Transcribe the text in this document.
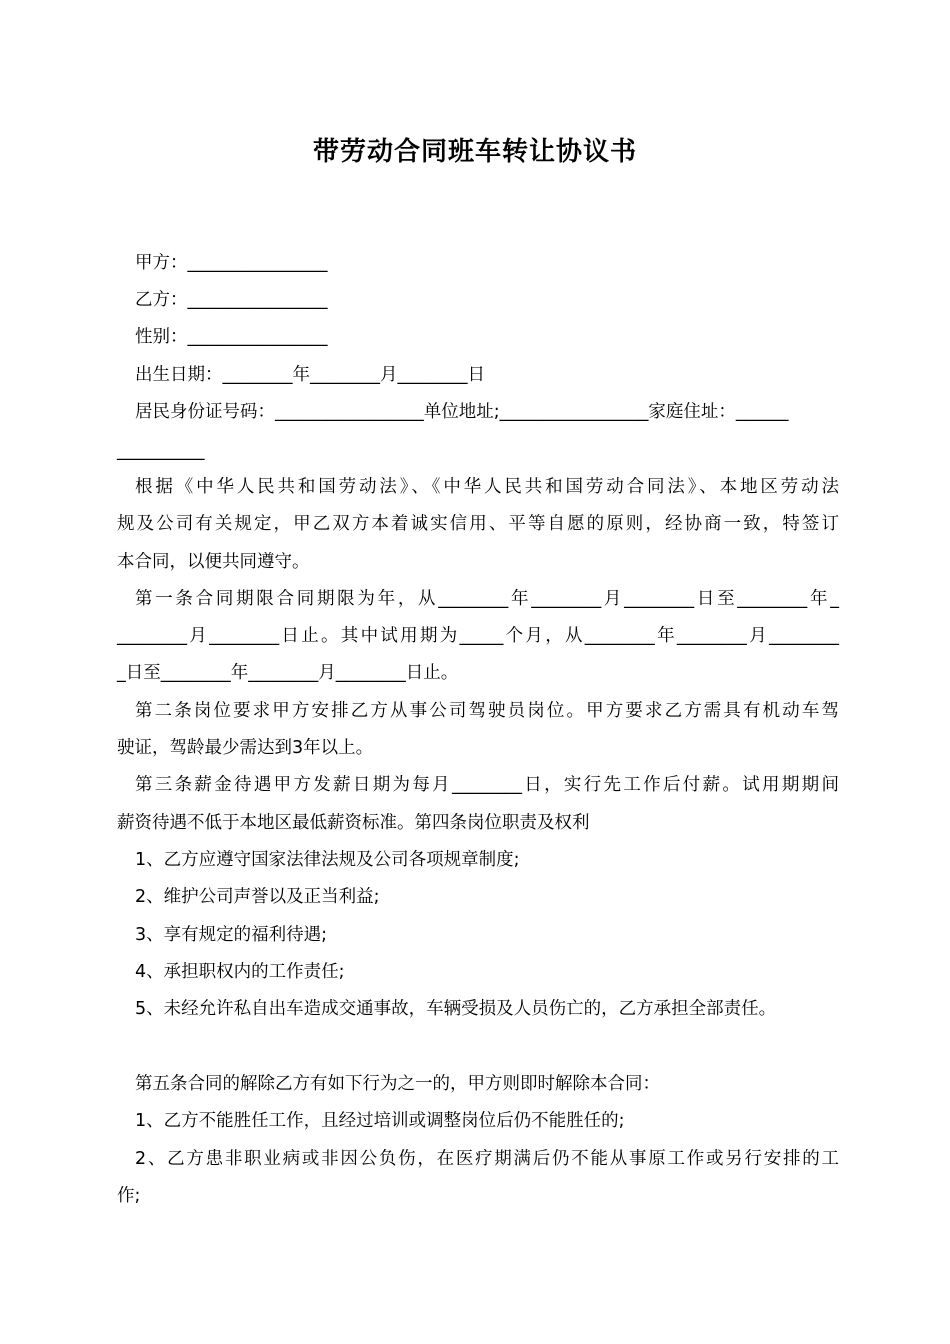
带劳动合同班车转让协议书

甲方：________________

乙方：________________

性别：________________

出生日期：________年________月________日

居民身份证号码：_________________单位地址;_________________家庭住址：______

__________

根据《中华人民共和国劳动法》、《中华人民共和国劳动合同法》、本地区劳动法

规及公司有关规定，甲乙双方本着诚实信用、平等自愿的原则，经协商一致，特签订

本合同，以便共同遵守。

第一条合同期限合同期限为年，从________年________月________日至________年_

________月________日止。其中试用期为_____个月，从________年________月________

_日至________年________月________日止。

第二条岗位要求甲方安排乙方从事公司驾驶员岗位。甲方要求乙方需具有机动车驾

驶证，驾龄最少需达到3年以上。

第三条薪金待遇甲方发薪日期为每月________日，实行先工作后付薪。试用期期间

薪资待遇不低于本地区最低薪资标准。第四条岗位职责及权利

1、乙方应遵守国家法律法规及公司各项规章制度;

2、维护公司声誉以及正当利益;

3、享有规定的福利待遇;

4、承担职权内的工作责任;

5、未经允许私自出车造成交通事故，车辆受损及人员伤亡的，乙方承担全部责任。

第五条合同的解除乙方有如下行为之一的，甲方则即时解除本合同：

1、乙方不能胜任工作，且经过培训或调整岗位后仍不能胜任的;

2、乙方患非职业病或非因公负伤，在医疗期满后仍不能从事原工作或另行安排的工

作;
